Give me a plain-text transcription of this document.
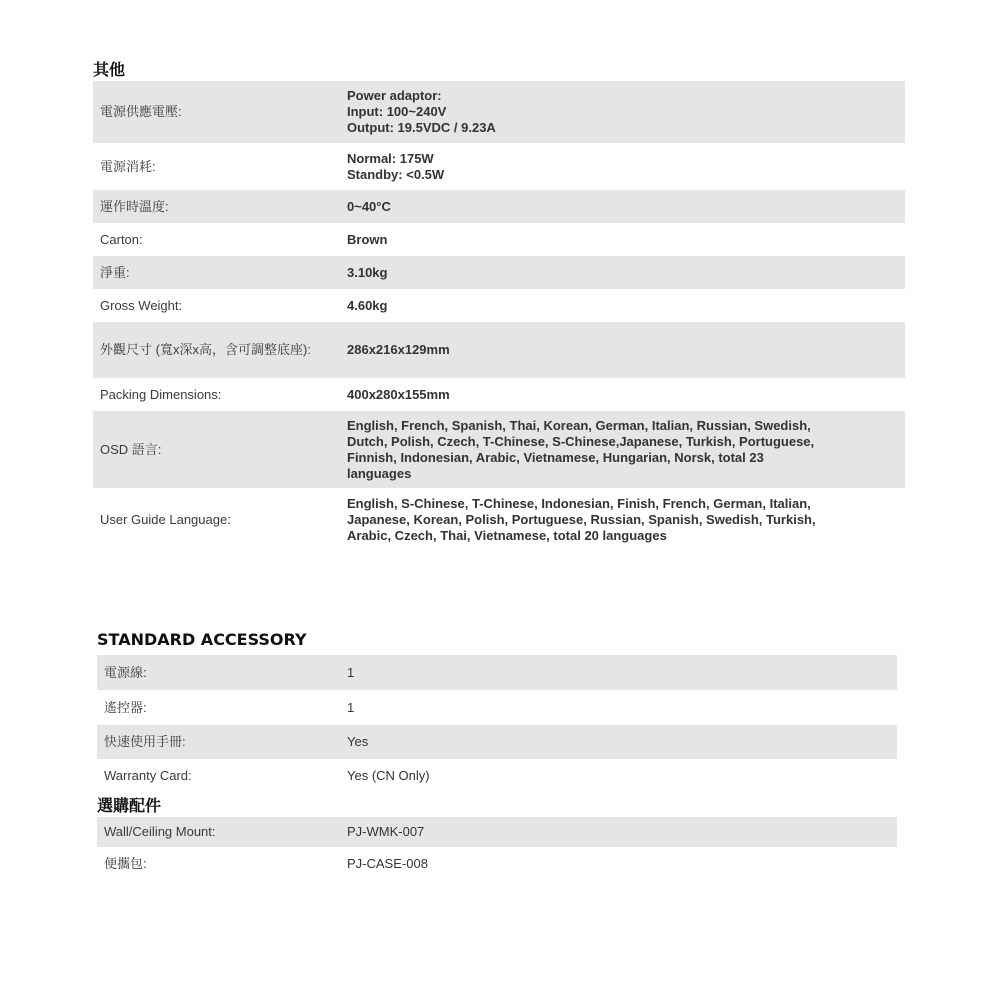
其他
電源供應電壓:	Power adaptor:
Input: 100~240V
Output: 19.5VDC / 9.23A

電源消耗:	Normal: 175W
Standby: <0.5W

運作時溫度:	0~40°C
Carton:	Brown
淨重:	3.10kg
Gross Weight:	4.60kg
外觀尺寸 (寬x深x高，含可調整底座):	286x216x129mm
Packing Dimensions:	400x280x155mm
OSD 語言:	English, French, Spanish, Thai, Korean, German, Italian, Russian, Swedish,
Dutch, Polish, Czech, T-Chinese, S-Chinese,Japanese, Turkish, Portuguese,
Finnish, Indonesian, Arabic, Vietnamese, Hungarian, Norsk, total 23
languages

User Guide Language:	English, S-Chinese, T-Chinese, Indonesian, Finish, French, German, Italian,
Japanese, Korean, Polish, Portuguese, Russian, Spanish, Swedish, Turkish,
Arabic, Czech, Thai, Vietnamese, total 20 languages
STANDARD ACCESSORY
電源線:	1
遙控器:	1
快速使用手冊:	Yes
Warranty Card:	Yes (CN Only)
選購配件
Wall/Ceiling Mount:	PJ-WMK-007
便攜包:	PJ-CASE-008
